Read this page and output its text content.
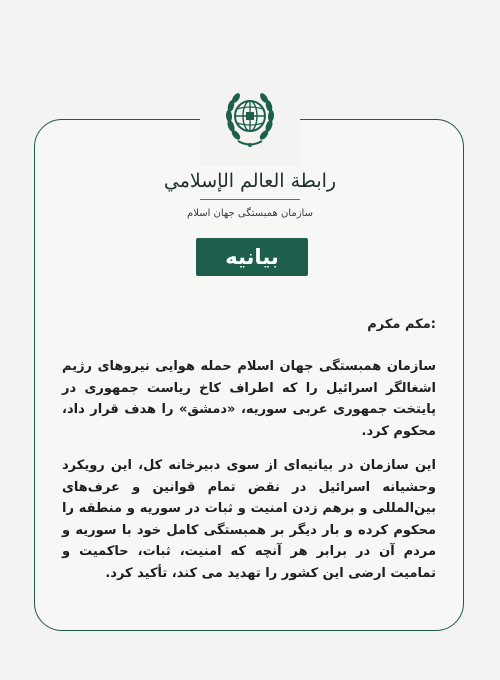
رابطة العالم الإسلامي
سازمان همبستگی جهان اسلام
بیانیه
:مکم مکرم
سازمان همبستگی جهان اسلام حمله هوایی نیروهای رژیم اشغالگر اسرائیل را که اطراف کاخ ریاست جمهوری در پایتخت جمهوری عربی سوریه، «دمشق» را هدف قرار داد، محکوم کرد.
این سازمان در بیانیه‌ای از سوی دبیرخانه کل، این رویکرد وحشیانه اسرائیل در نقض تمام قوانین و عرف‌های بین‌المللی و برهم زدن امنیت و ثبات در سوریه و منطقه را محکوم کرده و بار دیگر بر همبستگی کامل خود با سوریه و مردم آن در برابر هر آنچه که امنیت، ثبات، حاکمیت و تمامیت ارضی این کشور را تهدید می کند، تأکید کرد.
